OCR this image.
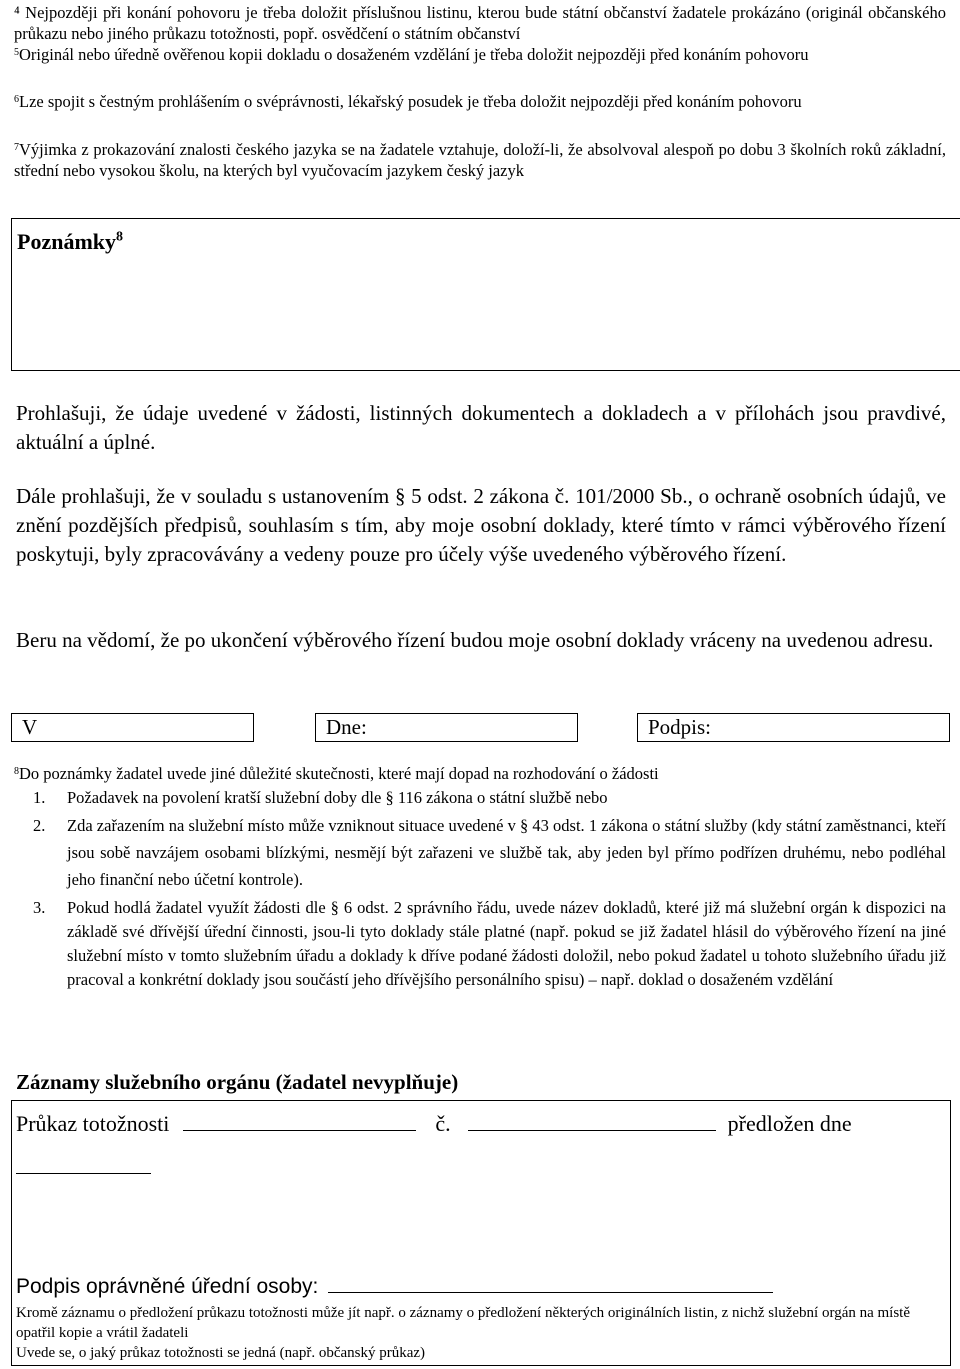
⁴ Nejpozději při konání pohovoru je třeba doložit příslušnou listinu, kterou bude státní občanství žadatele prokázáno (originál občanského průkazu nebo jiného průkazu totožnosti, popř. osvědčení o státním občanství
$^5$Originál nebo úředně ověřenou kopii dokladu o dosaženém vzdělání je třeba doložit nejpozději před konáním pohovoru
$^6$Lze spojit s čestným prohlášením o svéprávnosti, lékařský posudek je třeba doložit nejpozději před konáním pohovoru
$^7$Výjimka z prokazování znalosti českého jazyka se na žadatele vztahuje, doloží-li, že absolvoval alespoň po dobu 3 školních roků základní, střední nebo vysokou školu, na kterých byl vyučovacím jazykem český jazyk
Poznámky$^8$
Prohlašuji, že údaje uvedené v žádosti, listinných dokumentech a dokladech a v přílohách jsou pravdivé, aktuální a úplné.
Dále prohlašuji, že v souladu s ustanovením § 5 odst. 2 zákona č. 101/2000 Sb., o ochraně osobních údajů, ve znění pozdějších předpisů, souhlasím s tím, aby moje osobní doklady, které tímto v rámci výběrového řízení poskytuji, byly zpracovávány a vedeny pouze pro účely výše uvedeného výběrového řízení.
Beru na vědomí, že po ukončení výběrového řízení budou moje osobní doklady vráceny na uvedenou adresu.
V	Dne:	Podpis:
$^8$Do poznámky žadatel uvede jiné důležité skutečnosti, které mají dopad na rozhodování o žádosti
1. Požadavek na povolení kratší služební doby dle § 116 zákona o státní službě nebo
2. Zda zařazením na služební místo může vzniknout situace uvedené v § 43 odst. 1 zákona o státní služby (kdy státní zaměstnanci, kteří jsou sobě navzájem osobami blízkými, nesmějí být zařazeni ve službě tak, aby jeden byl přímo podřízen druhému, nebo podléhal jeho finanční nebo účetní kontrole).
3. Pokud hodlá žadatel využít žádosti dle § 6 odst. 2 správního řádu, uvede název dokladů, které již má služební orgán k dispozici na základě své dřívější úřední činnosti, jsou-li tyto doklady stále platné (např. pokud se již žadatel hlásil do výběrového řízení na jiné služební místo v tomto služebním úřadu a doklady k dříve podané žádosti doložil, nebo pokud žadatel u tohoto služebního úřadu již pracoval a konkrétní doklady jsou součástí jeho dřívějšího personálního spisu) – např. doklad o dosaženém vzdělání
Záznamy služebního orgánu (žadatel nevyplňuje)
Průkaz totožnosti	č.	předložen dne
Podpis oprávněné úřední osoby:
Kromě záznamu o předložení průkazu totožnosti může jít např. o záznamy o předložení některých originálních listin, z nichž služební orgán na místě opatřil kopie a vrátil žadateli
Uvede se, o jaký průkaz totožnosti se jedná (např. občanský průkaz)
